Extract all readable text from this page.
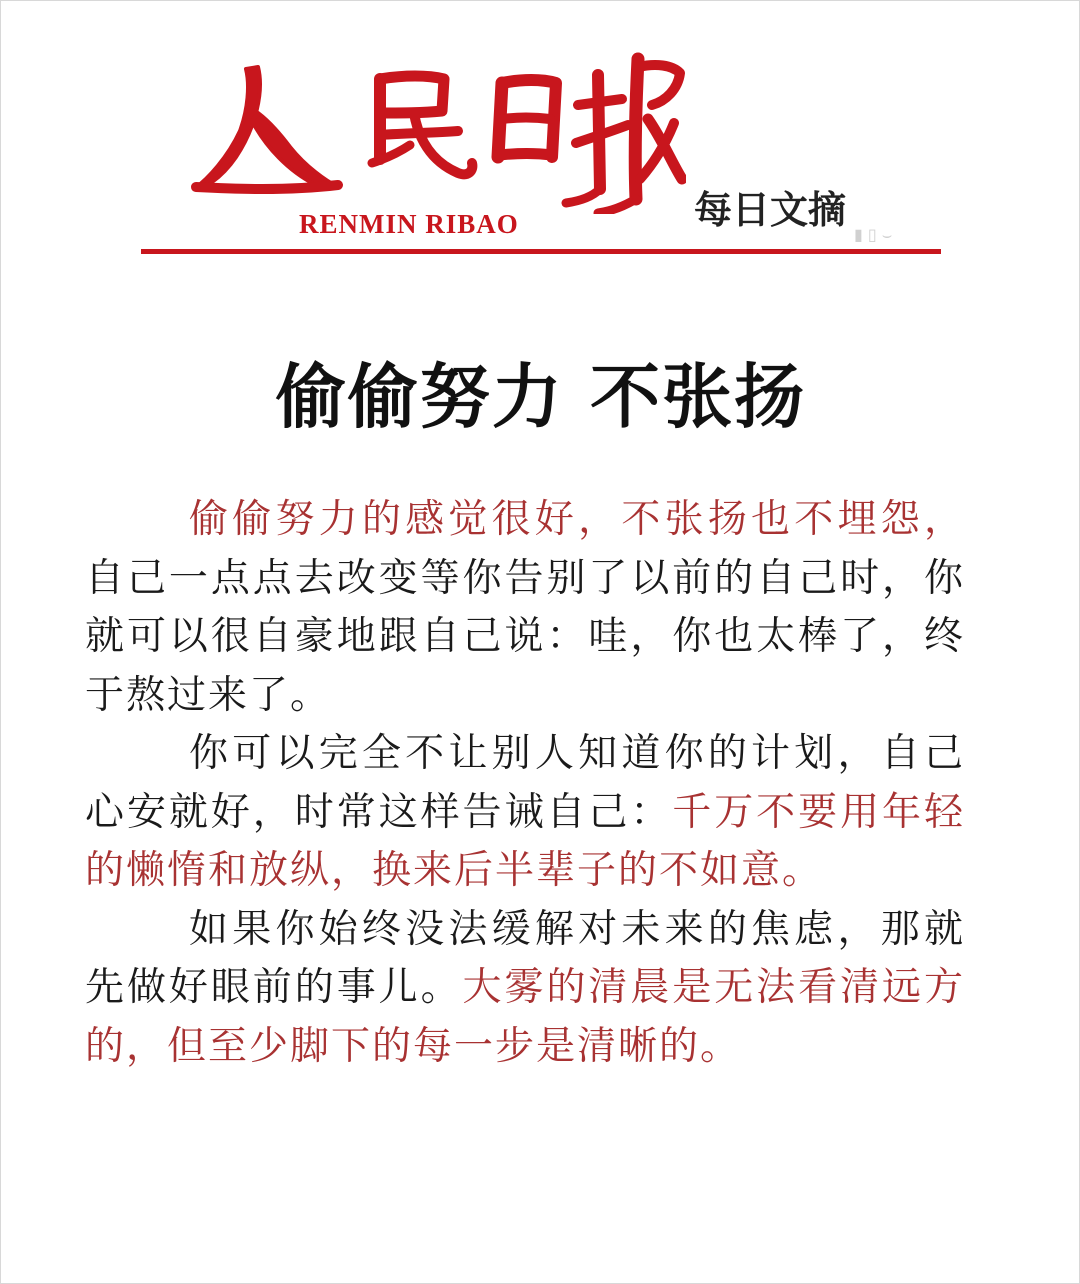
RENMIN RIBAO	每日文摘
▮ ▯ ⌣
偷偷努力 不张扬

偷偷努力的感觉很好，不张扬也不埋怨，自己一点点去改变等你告别了以前的自己时，你就可以很自豪地跟自己说：哇，你也太棒了，终于熬过来了。

你可以完全不让别人知道你的计划，自己心安就好，时常这样告诫自己：千万不要用年轻的懒惰和放纵，换来后半辈子的不如意。

如果你始终没法缓解对未来的焦虑，那就先做好眼前的事儿。大雾的清晨是无法看清远方的，但至少脚下的每一步是清晰的。
